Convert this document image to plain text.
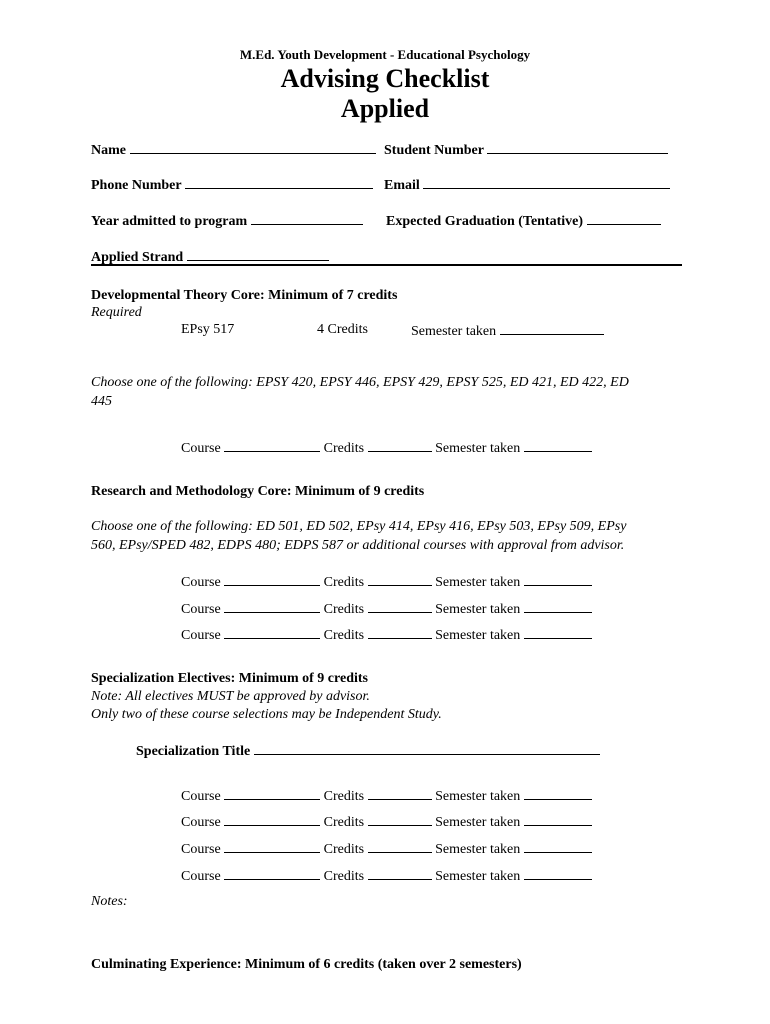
M.Ed. Youth Development - Educational Psychology
Advising Checklist
Applied
Name	Student Number
Phone Number	Email
Year admitted to program	Expected Graduation (Tentative)
Applied Strand
Developmental Theory Core: Minimum of 7 credits
Required
EPsy 517	4 Credits	Semester taken
Choose one of the following: EPSY 420, EPSY 446, EPSY 429, EPSY 525, ED 421, ED 422, ED
445
Course	Credits	Semester taken
Research and Methodology Core: Minimum of 9 credits
Choose one of the following: ED 501, ED 502, EPsy 414, EPsy 416, EPsy 503, EPsy 509, EPsy
560, EPsy/SPED 482, EDPS 480; EDPS 587 or additional courses with approval from advisor.
Course	Credits	Semester taken
Course	Credits	Semester taken
Course	Credits	Semester taken
Specialization Electives: Minimum of 9 credits
Note: All electives MUST be approved by advisor.
Only two of these course selections may be Independent Study.
Specialization Title
Course	Credits	Semester taken
Course	Credits	Semester taken
Course	Credits	Semester taken
Course	Credits	Semester taken
Notes:
Culminating Experience: Minimum of 6 credits (taken over 2 semesters)
